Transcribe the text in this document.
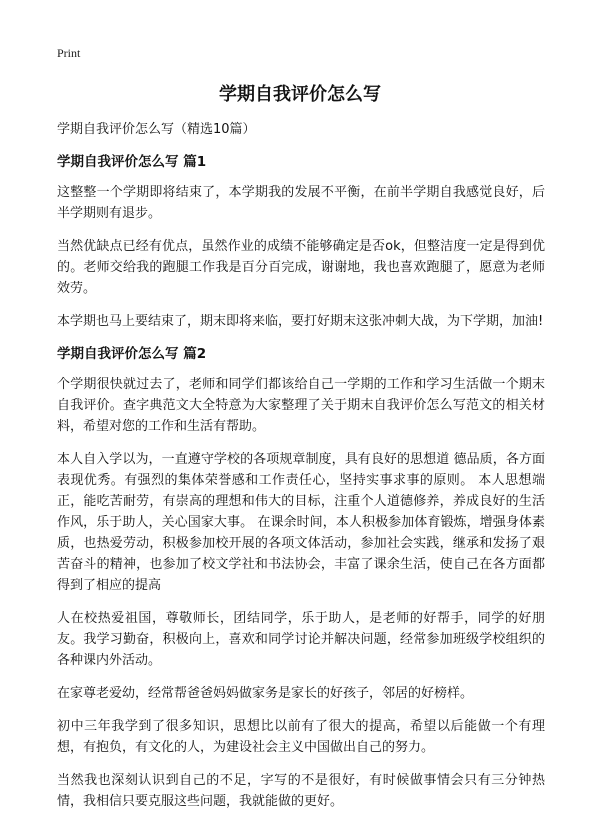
Print
学期自我评价怎么写

学期自我评价怎么写（精选10篇）

学期自我评价怎么写 篇1

这整整一个学期即将结束了，本学期我的发展不平衡，在前半学期自我感觉良好，后半学期则有退步。

当然优缺点已经有优点，虽然作业的成绩不能够确定是否ok，但整洁度一定是得到优的。老师交给我的跑腿工作我是百分百完成，谢谢地，我也喜欢跑腿了，愿意为老师效劳。

本学期也马上要结束了，期末即将来临，要打好期末这张冲刺大战，为下学期，加油!

学期自我评价怎么写 篇2

个学期很快就过去了，老师和同学们都该给自己一学期的工作和学习生活做一个期末自我评价。查字典范文大全特意为大家整理了关于期末自我评价怎么写范文的相关材料，希望对您的工作和生活有帮助。

本人自入学以为，一直遵守学校的各项规章制度，具有良好的思想道 德品质，各方面表现优秀。有强烈的集体荣誉感和工作责任心，坚持实事求事的原则。 本人思想端正，能吃苦耐劳，有崇高的理想和伟大的目标，注重个人道德修养，养成良好的生活作风，乐于助人，关心国家大事。 在课余时间，本人积极参加体育锻炼，增强身体素质，也热爱劳动，积极参加校开展的各项文体活动，参加社会实践，继承和发扬了艰苦奋斗的精神，也参加了校文学社和书法协会，丰富了课余生活，使自己在各方面都得到了相应的提高

人在校热爱祖国，尊敬师长，团结同学，乐于助人，是老师的好帮手，同学的好朋友。我学习勤奋，积极向上，喜欢和同学讨论并解决问题，经常参加班级学校组织的各种课内外活动。

在家尊老爱幼，经常帮爸爸妈妈做家务是家长的好孩子，邻居的好榜样。

初中三年我学到了很多知识，思想比以前有了很大的提高，希望以后能做一个有理想，有抱负，有文化的人，为建设社会主义中国做出自己的努力。

当然我也深刻认识到自己的不足，字写的不是很好，有时候做事情会只有三分钟热情，我相信只要克服这些问题，我就能做的更好。
